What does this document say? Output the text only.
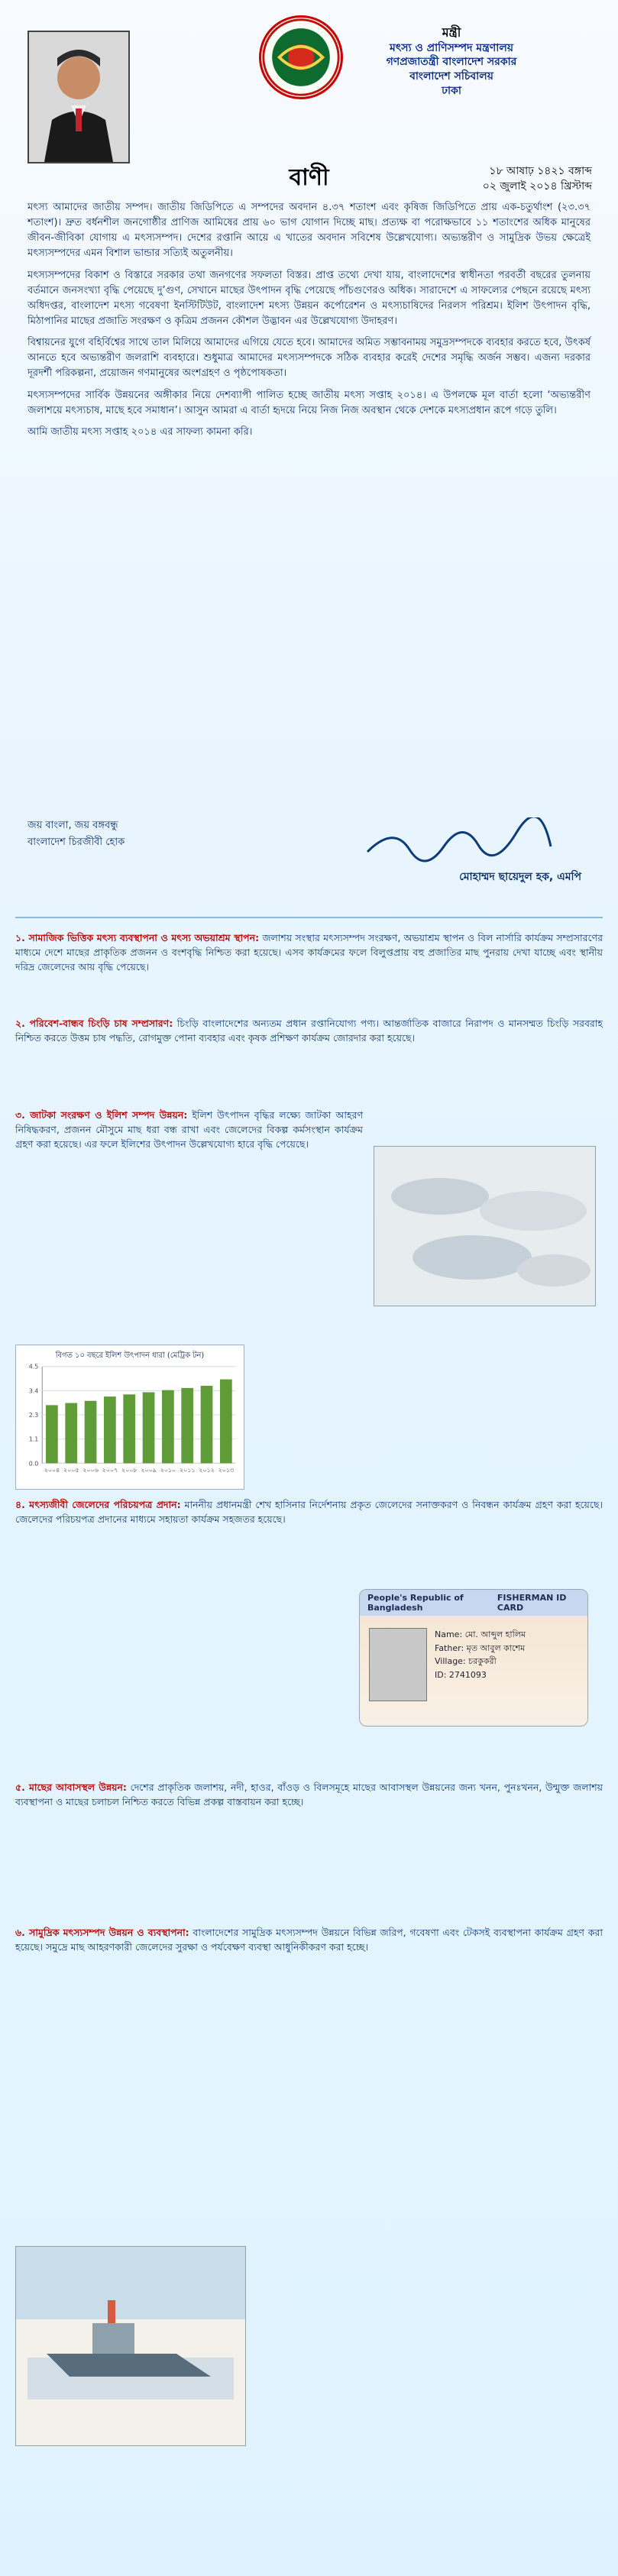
মন্ত্রী
মৎস্য ও প্রাণিসম্পদ মন্ত্রণালয়
গণপ্রজাতন্ত্রী বাংলাদেশ সরকার
বাংলাদেশ সচিবালয়
ঢাকা
বাণী	১৮ আষাঢ় ১৪২১ বঙ্গাব্দ
০২ জুলাই ২০১৪ খ্রিস্টাব্দ

মৎস্য আমাদের জাতীয় সম্পদ। জাতীয় জিডিপিতে এ সম্পদের অবদান ৪.৩৭ শতাংশ এবং কৃষিজ জিডিপিতে প্রায় এক-চতুর্থাংশ (২৩.৩৭ শতাংশ)। দ্রুত বর্ধনশীল জনগোষ্ঠীর প্রাণিজ আমিষের প্রায় ৬০ ভাগ যোগান দিচ্ছে মাছ। প্রত্যক্ষ বা পরোক্ষভাবে ১১ শতাংশের অধিক মানুষের জীবন-জীবিকা যোগায় এ মৎস্যসম্পদ। দেশের রপ্তানি আয়ে এ খাতের অবদান সবিশেষ উল্লেখযোগ্য। অভ্যন্তরীণ ও সামুদ্রিক উভয় ক্ষেত্রেই মৎস্যসম্পদের এমন বিশাল ভান্ডার সত্যিই অতুলনীয়।

মৎস্যসম্পদের বিকাশ ও বিস্তারে সরকার তথা জনগণের সফলতা বিস্তর। প্রাপ্ত তথ্যে দেখা যায়, বাংলাদেশের স্বাধীনতা পরবর্তী বছরের তুলনায় বর্তমানে জনসংখ্যা বৃদ্ধি পেয়েছে দু’গুণ, সেখানে মাছের উৎপাদন বৃদ্ধি পেয়েছে পাঁচগুণেরও অধিক। সারাদেশে এ সাফল্যের পেছনে রয়েছে মৎস্য অধিদপ্তর, বাংলাদেশ মৎস্য গবেষণা ইনস্টিটিউট, বাংলাদেশ মৎস্য উন্নয়ন কর্পোরেশন ও মৎস্যচাষিদের নিরলস পরিশ্রম। ইলিশ উৎপাদন বৃদ্ধি, মিঠাপানির মাছের প্রজাতি সংরক্ষণ ও কৃত্রিম প্রজনন কৌশল উদ্ভাবন এর উল্লেখযোগ্য উদাহরণ।

বিশ্বায়নের যুগে বহির্বিশ্বের সাথে তাল মিলিয়ে আমাদের এগিয়ে যেতে হবে। আমাদের অমিত সম্ভাবনাময় সমুদ্রসম্পদকে ব্যবহার করতে হবে, উৎকর্ষ আনতে হবে অভ্যন্তরীণ জলরাশি ব্যবহারে। শুধুমাত্র আমাদের মৎস্যসম্পদকে সঠিক ব্যবহার করেই দেশের সমৃদ্ধি অর্জন সম্ভব। এজন্য দরকার দূরদর্শী পরিকল্পনা, প্রয়োজন গণমানুষের অংশগ্রহণ ও পৃষ্ঠপোষকতা।

মৎস্যসম্পদের সার্বিক উন্নয়নের অঙ্গীকার নিয়ে দেশব্যাপী পালিত হচ্ছে জাতীয় মৎস্য সপ্তাহ ২০১৪। এ উপলক্ষে মূল বার্তা হলো ‘অভ্যন্তরীণ জলাশয়ে মৎস্যচাষ, মাছে হবে সমাধান’। আসুন আমরা এ বার্তা হৃদয়ে নিয়ে নিজ নিজ অবস্থান থেকে দেশকে মৎস্যপ্রধান রূপে গড়ে তুলি।

আমি জাতীয় মৎস্য সপ্তাহ ২০১৪ এর সাফল্য কামনা করি।

জয় বাংলা, জয় বঙ্গবন্ধু
বাংলাদেশ চিরজীবী হোক
মোহাম্মদ ছায়েদুল হক, এমপি
১. সামাজিক ভিত্তিক মৎস্য ব্যবস্থাপনা ও মৎস্য অভয়াশ্রম স্থাপন: জলাশয় সংস্থার মৎস্যসম্পদ সংরক্ষণ, অভয়াশ্রম স্থাপন ও বিল নার্সারি কার্যক্রম সম্প্রসারণের মাধ্যমে দেশে মাছের প্রাকৃতিক প্রজনন ও বংশবৃদ্ধি নিশ্চিত করা হয়েছে। এসব কার্যক্রমের ফলে বিলুপ্তপ্রায় বহু প্রজাতির মাছ পুনরায় দেখা যাচ্ছে এবং স্থানীয় দরিদ্র জেলেদের আয় বৃদ্ধি পেয়েছে।
২. পরিবেশ-বান্ধব চিংড়ি চাষ সম্প্রসারণ: চিংড়ি বাংলাদেশের অন্যতম প্রধান রপ্তানিযোগ্য পণ্য। আন্তর্জাতিক বাজারে নিরাপদ ও মানসম্মত চিংড়ি সরবরাহ নিশ্চিত করতে উত্তম চাষ পদ্ধতি, রোগমুক্ত পোনা ব্যবহার এবং কৃষক প্রশিক্ষণ কার্যক্রম জোরদার করা হয়েছে।
৩. জাটকা সংরক্ষণ ও ইলিশ সম্পদ উন্নয়ন: ইলিশ উৎপাদন বৃদ্ধির লক্ষ্যে জাটকা আহরণ নিষিদ্ধকরণ, প্রজনন মৌসুমে মাছ ধরা বন্ধ রাখা এবং জেলেদের বিকল্প কর্মসংস্থান কার্যক্রম গ্রহণ করা হয়েছে। এর ফলে ইলিশের উৎপাদন উল্লেখযোগ্য হারে বৃদ্ধি পেয়েছে।
বিগত ১০ বছরে ইলিশ উৎপাদন ধারা (মেট্রিক টন)
0.0
1.1
2.3
3.4
4.5
২০০৪ ২০০৫ ২০০৬ ২০০৭ ২০০৮ ২০০৯ ২০১০ ২০১১ ২০১২ ২০১৩
৪. মৎস্যজীবী জেলেদের পরিচয়পত্র প্রদান: মাননীয় প্রধানমন্ত্রী শেখ হাসিনার নির্দেশনায় প্রকৃত জেলেদের সনাক্তকরণ ও নিবন্ধন কার্যক্রম গ্রহণ করা হয়েছে। জেলেদের পরিচয়পত্র প্রদানের মাধ্যমে সহায়তা কার্যক্রম সহজতর হয়েছে।
People's Republic of Bangladesh
FISHERMAN ID CARD
Name: মো. আব্দুল হালিম
Father: মৃত আবুল কাশেম
Village: চরকুকরী
ID: 2741093
৫. মাছের আবাসস্থল উন্নয়ন: দেশের প্রাকৃতিক জলাশয়, নদী, হাওর, বাঁওড় ও বিলসমূহে মাছের আবাসস্থল উন্নয়নের জন্য খনন, পুনঃখনন, উন্মুক্ত জলাশয় ব্যবস্থাপনা ও মাছের চলাচল নিশ্চিত করতে বিভিন্ন প্রকল্প বাস্তবায়ন করা হচ্ছে।
৬. সামুদ্রিক মৎস্যসম্পদ উন্নয়ন ও ব্যবস্থাপনা: বাংলাদেশের সামুদ্রিক মৎস্যসম্পদ উন্নয়নে বিভিন্ন জরিপ, গবেষণা এবং টেকসই ব্যবস্থাপনা কার্যক্রম গ্রহণ করা হয়েছে। সমুদ্রে মাছ আহরণকারী জেলেদের সুরক্ষা ও পর্যবেক্ষণ ব্যবস্থা আধুনিকীকরণ করা হচ্ছে।
